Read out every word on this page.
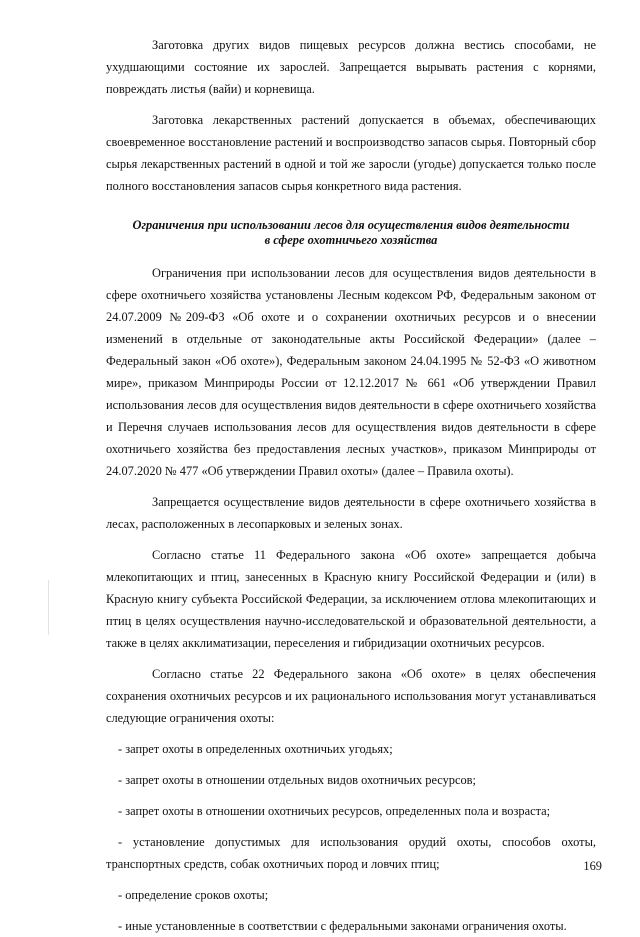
Заготовка других видов пищевых ресурсов должна вестись способами, не ухудшающими состояние их зарослей. Запрещается вырывать растения с корнями, повреждать листья (вайи) и корневища.

Заготовка лекарственных растений допускается в объемах, обеспечивающих своевременное восстановление растений и воспроизводство запасов сырья. Повторный сбор сырья лекарственных растений в одной и той же заросли (угодье) допускается только после полного восстановления запасов сырья конкретного вида растения.

Ограничения при использовании лесов для осуществления видов деятельности
в сфере охотничьего хозяйства

Ограничения при использовании лесов для осуществления видов деятельности в сфере охотничьего хозяйства установлены Лесным кодексом РФ, Федеральным законом от 24.07.2009 №209-ФЗ «Об охоте и о сохранении охотничьих ресурсов и о внесении изменений в отдельные от законодательные акты Российской Федерации» (далее – Федеральный закон «Об охоте»), Федеральным законом 24.04.1995 № 52-ФЗ «О животном мире», приказом Минприроды России от 12.12.2017 № 661 «Об утверждении Правил использования лесов для осуществления видов деятельности в сфере охотничьего хозяйства и Перечня случаев использования лесов для осуществления видов деятельности в сфере охотничьего хозяйства без предоставления лесных участков», приказом Минприроды от 24.07.2020 № 477 «Об утверждении Правил охоты» (далее – Правила охоты).

Запрещается осуществление видов деятельности в сфере охотничьего хозяйства в лесах, расположенных в лесопарковых и зеленых зонах.

Согласно статье 11 Федерального закона «Об охоте» запрещается добыча млекопитающих и птиц, занесенных в Красную книгу Российской Федерации и (или) в Красную книгу субъекта Российской Федерации, за исключением отлова млекопитающих и птиц в целях осуществления научно-исследовательской и образовательной деятельности, а также в целях акклиматизации, переселения и гибридизации охотничьих ресурсов.

Согласно статье 22 Федерального закона «Об охоте» в целях обеспечения сохранения охотничьих ресурсов и их рационального использования могут устанавливаться следующие ограничения охоты:

- запрет охоты в определенных охотничьих угодьях;

- запрет охоты в отношении отдельных видов охотничьих ресурсов;

- запрет охоты в отношении охотничьих ресурсов, определенных пола и возраста;

- установление допустимых для использования орудий охоты, способов охоты, транспортных средств, собак охотничьих пород и ловчих птиц;

- определение сроков охоты;

- иные установленные в соответствии с федеральными законами ограничения охоты.

169
